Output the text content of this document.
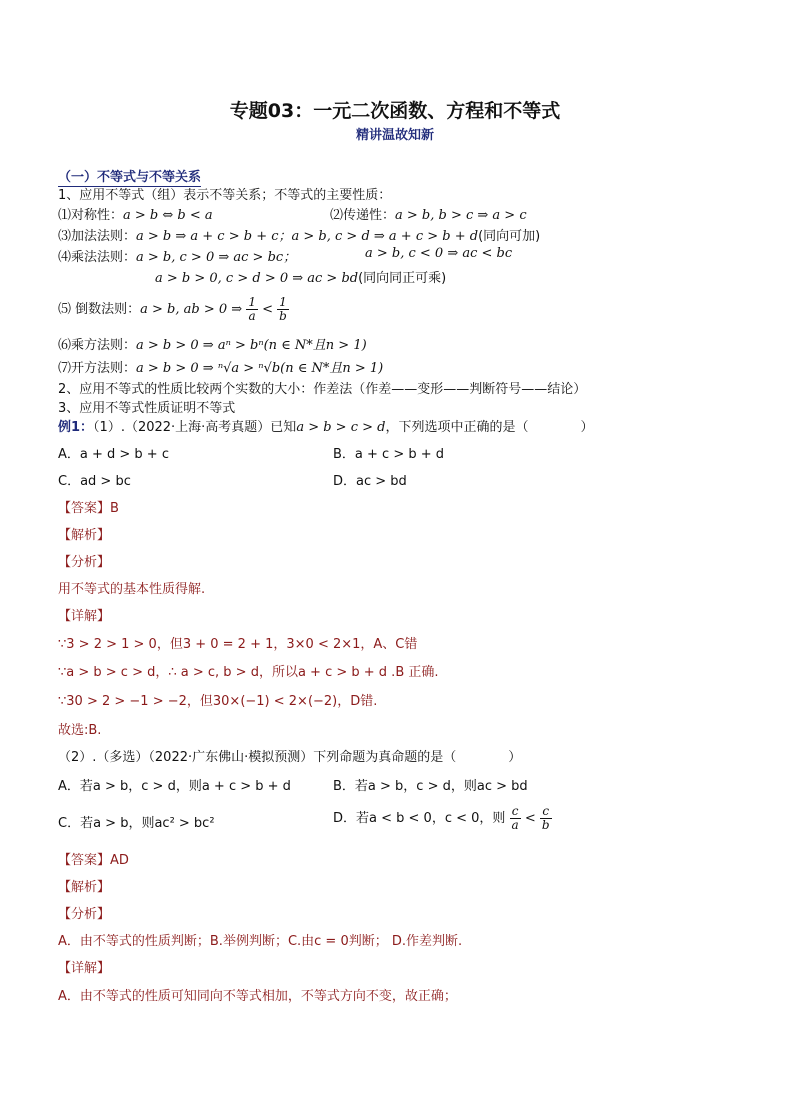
专题03：一元二次函数、方程和不等式
精讲温故知新
（一）不等式与不等关系
1、应用不等式（组）表示不等关系；不等式的主要性质：
⑴对称性：a > b ⇔ b < a	⑵传递性：a > b, b > c ⇒ a > c
⑶加法法则：a > b ⇒ a + c > b + c；a > b, c > d ⇒ a + c > b + d(同向可加)
⑷乘法法则：a > b, c > 0 ⇒ ac > bc；	a > b, c < 0 ⇒ ac < bc
a > b > 0, c > d > 0 ⇒ ac > bd(同向同正可乘)
⑸ 倒数法则：a > b, ab > 0 ⇒ $\frac{1}{a} < \frac{1}{b}$
⑹乘方法则：a > b > 0 ⇒ aⁿ > bⁿ(n ∈ N*且n > 1)
⑺开方法则：a > b > 0 ⇒ ⁿ√a > ⁿ√b(n ∈ N*且n > 1)
2、应用不等式的性质比较两个实数的大小：作差法（作差——变形——判断符号——结论）
3、应用不等式性质证明不等式
例1：（1）.（2022·上海·高考真题）已知a > b > c > d，下列选项中正确的是（　　　　）
A．a + d > b + c	B．a + c > b + d
C．ad > bc	D．ac > bd
【答案】B
【解析】
【分析】
用不等式的基本性质得解.
【详解】
∵3 > 2 > 1 > 0，但3 + 0 = 2 + 1，3×0 < 2×1，A、C错
∵a > b > c > d，∴ a > c, b > d，所以a + c > b + d .B 正确.
∵30 > 2 > −1 > −2，但30×(−1) < 2×(−2)，D错.
故选:B.
（2）.（多选）（2022·广东佛山·模拟预测）下列命题为真命题的是（　　　　）
A．若a > b，c > d，则a + c > b + d	B．若a > b，c > d，则ac > bd
C．若a > b，则ac² > bc²	D．若a < b < 0，c < 0，则 $\frac{c}{a} < \frac{c}{b}$
【答案】AD
【解析】
【分析】
A．由不等式的性质判断；B.举例判断；C.由c = 0判断； D.作差判断.
【详解】
A．由不等式的性质可知同向不等式相加，不等式方向不变，故正确；
